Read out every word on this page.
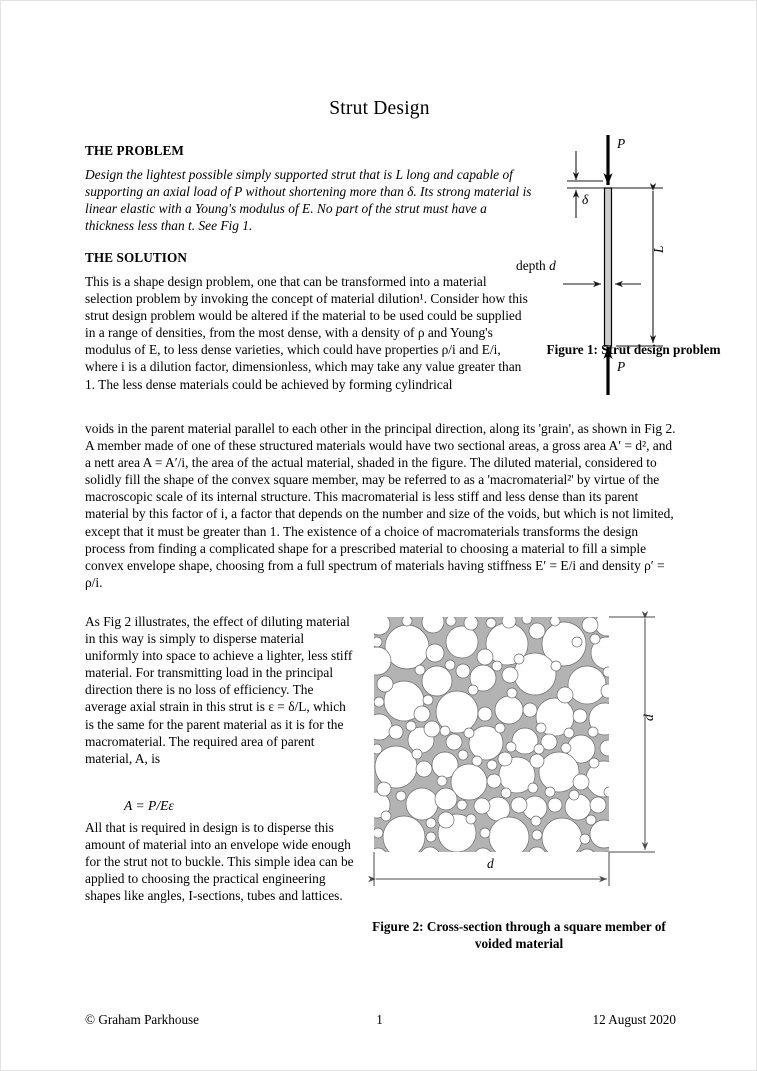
Strut Design
THE PROBLEM
Design the lightest possible simply supported strut that is L long and capable of supporting an axial load of P without shortening more than δ. Its strong material is linear elastic with a Young's modulus of E. No part of the strut must have a thickness less than t. See Fig 1.
THE SOLUTION
This is a shape design problem, one that can be transformed into a material selection problem by invoking the concept of material dilution¹. Consider how this strut design problem would be altered if the material to be used could be supplied in a range of densities, from the most dense, with a density of ρ and Young's modulus of E, to less dense varieties, which could have properties ρ/i and E/i, where i is a dilution factor, dimensionless, which may take any value greater than 1. The less dense materials could be achieved by forming cylindrical
voids in the parent material parallel to each other in the principal direction, along its 'grain', as shown in Fig 2. A member made of one of these structured materials would have two sectional areas, a gross area A′ = d², and a nett area A = A′/i, the area of the actual material, shaded in the figure. The diluted material, considered to solidly fill the shape of the convex square member, may be referred to as a 'macromaterial²' by virtue of the macroscopic scale of its internal structure. This macromaterial is less stiff and less dense than its parent material by this factor of i, a factor that depends on the number and size of the voids, but which is not limited, except that it must be greater than 1. The existence of a choice of macromaterials transforms the design process from finding a complicated shape for a prescribed material to choosing a material to fill a simple convex envelope shape, choosing from a full spectrum of materials having stiffness E′ = E/i and density ρ′ = ρ/i.
As Fig 2 illustrates, the effect of diluting material in this way is simply to disperse material uniformly into space to achieve a lighter, less stiff material. For transmitting load in the principal direction there is no loss of efficiency. The average axial strain in this strut is ε = δ/L, which is the same for the parent material as it is for the macromaterial. The required area of parent material, A, is
A = P/Eε
All that is required in design is to disperse this amount of material into an envelope wide enough for the strut not to buckle. This simple idea can be applied to choosing the practical engineering shapes like angles, I-sections, tubes and lattices.
P
P
δ
L
depth d
Figure 1: Strut design problem
d
d
Figure 2: Cross-section through a square member of voided material
© Graham Parkhouse	1	12 August 2020
